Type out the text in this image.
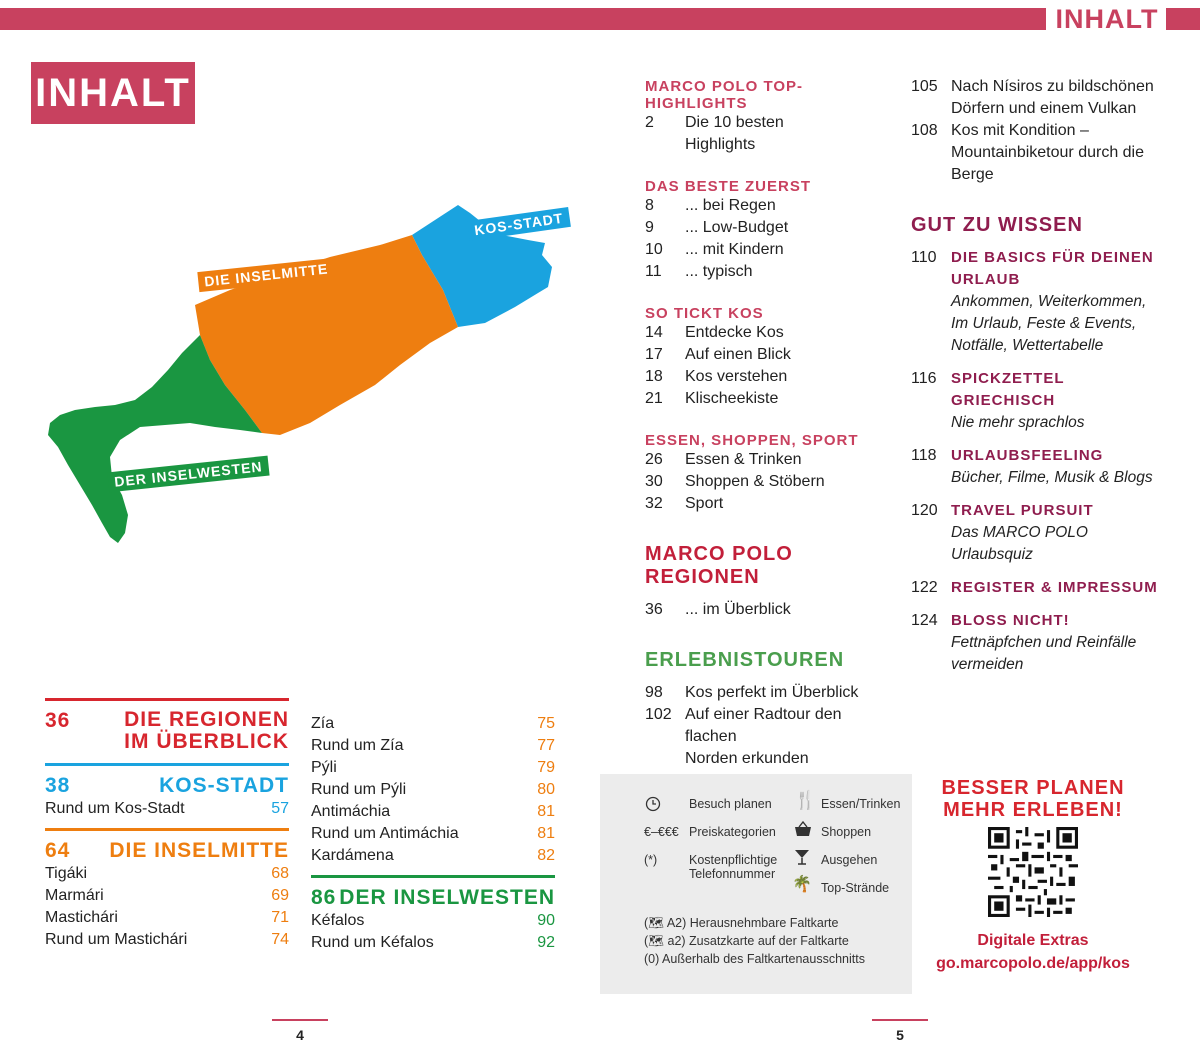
INHALT
INHALT
KOS-STADT
DIE INSELMITTE
DER INSELWESTEN
36	DIE REGIONEN IM ÜBERBLICK
38	KOS-STADT
Rund um Kos-Stadt	57
64 DIE INSELMITTE
Tigáki	68
Marmári	69
Mastichári	71
Rund um Mastichári	74
Zía	75
Rund um Zía	77
Pýli	79
Rund um Pýli	80
Antimáchia	81
Rund um Antimáchia	81
Kardámena	82
86 DER INSELWESTEN
Kéfalos	90
Rund um Kéfalos	92
MARCO POLO TOP-HIGHLIGHTS
2	Die 10 besten
Highlights
DAS BESTE ZUERST
8	... bei Regen
9	... Low-Budget
10	... mit Kindern
11	... typisch
SO TICKT KOS
14	Entdecke Kos
17	Auf einen Blick
18	Kos verstehen
21	Klischeekiste
ESSEN, SHOPPEN, SPORT
26	Essen & Trinken
30	Shoppen & Stöbern
32	Sport
MARCO POLO REGIONEN
36	... im Überblick
ERLEBNISTOUREN
98	Kos perfekt im Überblick
102 Auf einer Radtour den flachen
Norden erkunden
105 Nach Nísiros zu bildschönen
Dörfern und einem Vulkan
108 Kos mit Kondition –
Mountainbiketour durch die
Berge
GUT ZU WISSEN
110 DIE BASICS FÜR DEINEN
URLAUB
Ankommen, Weiterkommen,
Im Urlaub, Feste & Events,
Notfälle, Wettertabelle
116 SPICKZETTEL GRIECHISCH
Nie mehr sprachlos
118 URLAUBSFEELING
Bücher, Filme, Musik & Blogs
120 TRAVEL PURSUIT
Das MARCO POLO Urlaubsquiz
122 REGISTER & IMPRESSUM
124 BLOSS NICHT!
Fettnäpfchen und Reinfälle
vermeiden
Besuch planen
€–€€€ Preiskategorien
(*)	Kostenpflichtige
Telefonnummer
🍴 Essen/Trinken
Shoppen
Ausgehen
🌴 Top-Strände
(🗺 A2) Herausnehmbare Faltkarte
(🗺 a2) Zusatzkarte auf der Faltkarte
(0) Außerhalb des Faltkartenausschnitts
BESSER PLANEN
MEHR ERLEBEN!
Digitale Extras
go.marcopolo.de/app/kos
4	5
